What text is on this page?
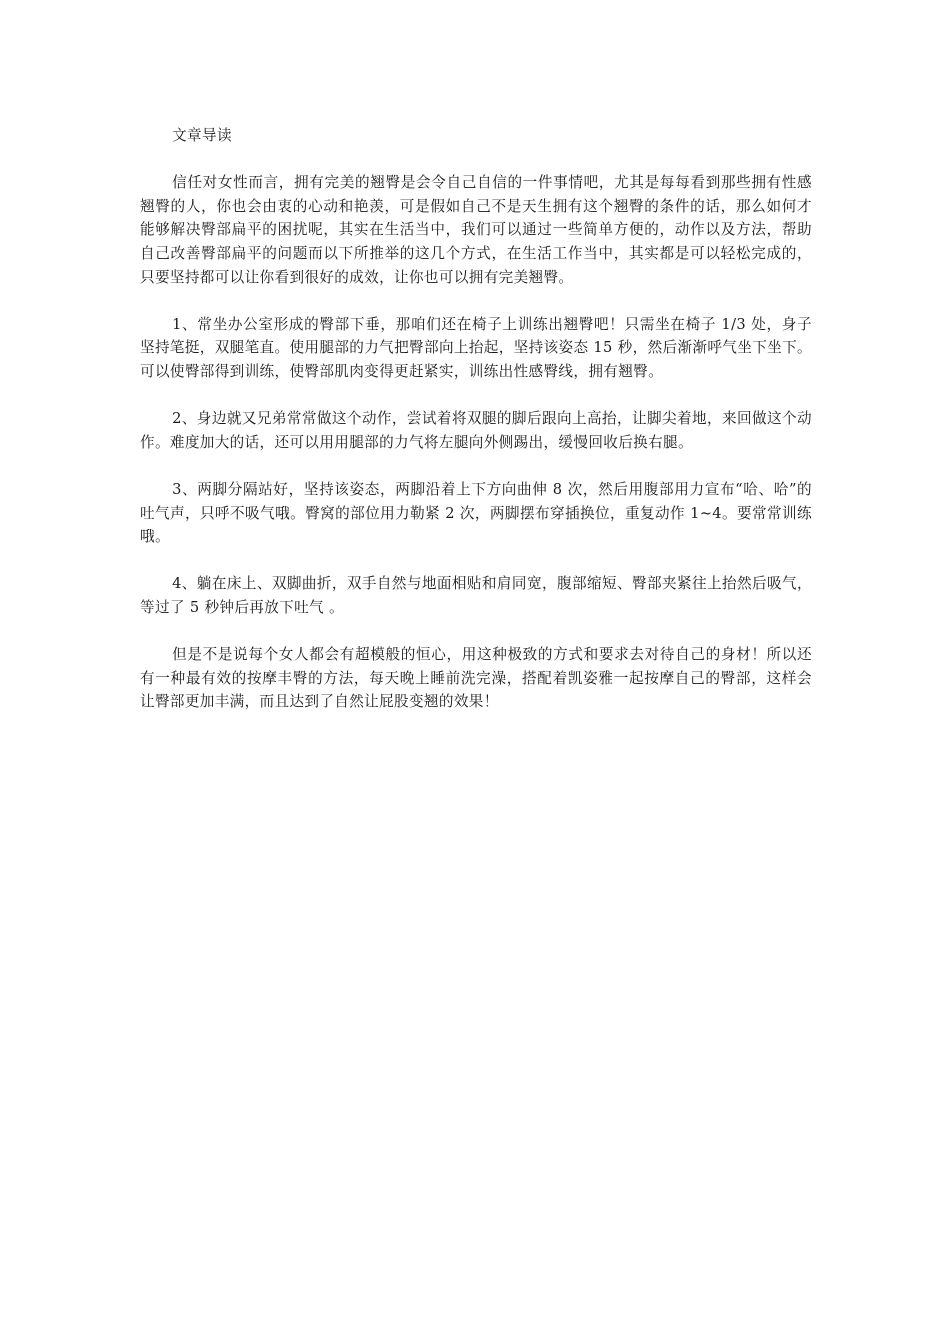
文章导读

信任对女性而言，拥有完美的翘臀是会令自己自信的一件事情吧，尤其是每每看到那些拥有性感翘臀的人，你也会由衷的心动和艳羡，可是假如自己不是天生拥有这个翘臀的条件的话，那么如何才能够解决臀部扁平的困扰呢，其实在生活当中，我们可以通过一些简单方便的，动作以及方法，帮助自己改善臀部扁平的问题而以下所推举的这几个方式，在生活工作当中，其实都是可以轻松完成的，只要坚持都可以让你看到很好的成效，让你也可以拥有完美翘臀。

1、常坐办公室形成的臀部下垂，那咱们还在椅子上训练出翘臀吧！只需坐在椅子 1/3 处，身子坚持笔挺，双腿笔直。使用腿部的力气把臀部向上抬起，坚持该姿态 15 秒，然后渐渐呼气坐下坐下。可以使臀部得到训练，使臀部肌肉变得更赶紧实，训练出性感臀线，拥有翘臀。

2、身边就又兄弟常常做这个动作，尝试着将双腿的脚后跟向上高抬，让脚尖着地，来回做这个动作。难度加大的话，还可以用用腿部的力气将左腿向外侧踢出，缓慢回收后换右腿。

3、两脚分隔站好，坚持该姿态，两脚沿着上下方向曲伸 8 次，然后用腹部用力宣布“哈、哈”的吐气声，只呼不吸气哦。臀窝的部位用力勒紧 2 次，两脚摆布穿插换位，重复动作 1~4。要常常训练哦。

4、躺在床上、双脚曲折，双手自然与地面相贴和肩同宽，腹部缩短、臀部夹紧往上抬然后吸气，等过了 5 秒钟后再放下吐气 。

但是不是说每个女人都会有超模般的恒心，用这种极致的方式和要求去对待自己的身材！所以还有一种最有效的按摩丰臀的方法，每天晚上睡前洗完澡，搭配着凯姿雅一起按摩自己的臀部，这样会让臀部更加丰满，而且达到了自然让屁股变翘的效果！
